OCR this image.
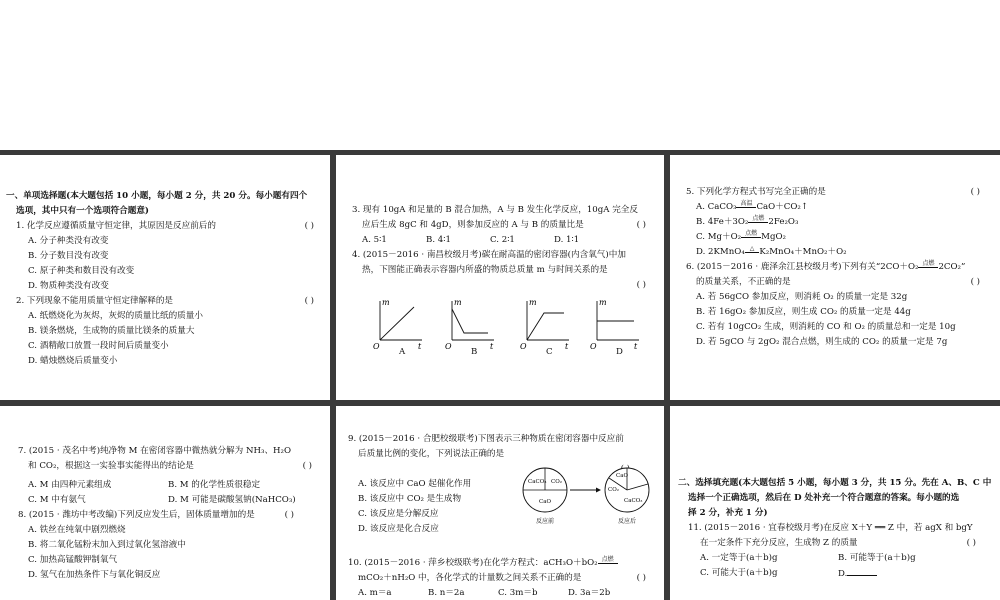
一、单项选择题(本大题包括 10 小题，每小题 2 分，共 20 分。每小题有四个
选项，其中只有一个选项符合题意)
1. 化学反应遵循质量守恒定律，其原因是反应前后的	( )
A. 分子种类没有改变
B. 分子数目没有改变
C. 原子种类和数目没有改变
D. 物质种类没有改变
2. 下列现象不能用质量守恒定律解释的是	( )
A. 纸燃烧化为灰烬，灰烬的质量比纸的质量小
B. 镁条燃烧，生成物的质量比镁条的质量大
C. 酒精敞口放置一段时间后质量变小
D. 蜡烛燃烧后质量变小
3. 现有 10gA 和足量的 B 混合加热，A 与 B 发生化学反应，10gA 完全反
应后生成 8gC 和 4gD，则参加反应的 A 与 B 的质量比是	( )
A. 5∶1	B. 4∶1	C. 2∶1	D. 1∶1
4. (2015－2016 · 南昌校级月考)碳在耐高温的密闭容器(内含氧气)中加
热，下图能正确表示容器内所盛的物质总质量 m 与时间关系的是
( )
m
t
O
m
t
O
m
t
O
m
t
O
A	B	C	D
5. 下列化学方程式书写完全正确的是	( )
A. CaCO₃ 高温 CaO＋CO₂↑
B. 4Fe＋3O₂ 点燃 2Fe₂O₃
C. Mg＋O₂ 点燃 MgO₂
D. 2KMnO₄ △ K₂MnO₄＋MnO₂＋O₂
6. (2015－2016 · 鹿泽余江县校级月考)下列有关“2CO＋O₂ 点燃 2CO₂”
的质量关系，不正确的是	( )
A. 若 56gCO 参加反应，则消耗 O₂ 的质量一定是 32g
B. 若 16gO₂ 参加反应，则生成 CO₂ 的质量一定是 44g
C. 若有 10gCO₂ 生成，则消耗的 CO 和 O₂ 的质量总和一定是 10g
D. 若 5gCO 与 2gO₂ 混合点燃，则生成的 CO₂ 的质量一定是 7g
7. (2015 · 茂名中考)纯净物 M 在密闭容器中微热就分解为 NH₃、H₂O
和 CO₂，根据这一实验事实能得出的结论是	( )
A. M 由四种元素组成	B. M 的化学性质很稳定
C. M 中有氨气	D. M 可能是碳酸氢钠(NaHCO₃)
8. (2015 · 潍坊中考改编)下列反应发生后，固体质量增加的是	( )
A. 铁丝在纯氧中剧烈燃烧
B. 将二氧化锰粉末加入到过氧化氢溶液中
C. 加热高锰酸钾制氧气
D. 氢气在加热条件下与氧化铜反应
9. (2015－2016 · 合肥校级联考)下图表示三种物质在密闭容器中反应前
后质量比例的变化，下列说法正确的是
A. 该反应中 CaO 起催化作用
B. 该反应中 CO₂ 是生成物
C. 该反应是分解反应
D. 该反应是化合反应
CaCO₃ CO₂
CaO
反应前
CaO
CO₂
CaCO₃
反应后
10. (2015－2016 · 萍乡校级联考)在化学方程式：aCH₃O＋bO₂ 点燃
mCO₂＋nH₂O 中，各化学式的计量数之间关系不正确的是	( )
A. m＝a	B. n＝2a	C. 3m＝b	D. 3a＝2b
二、选择填充题(本大题包括 5 小题，每小题 3 分，共 15 分。先在 A、B、C 中
选择一个正确选项，然后在 D 处补充一个符合题意的答案。每小题的选
择 2 分，补充 1 分)
11. (2015－2016 · 宜春校级月考)在反应 X＋Y ══ Z 中，若 agX 和 bgY
在一定条件下充分反应，生成物 Z 的质量	( )
A. 一定等于(a＋b)g	B. 可能等于(a＋b)g
C. 可能大于(a＋b)g	D.
